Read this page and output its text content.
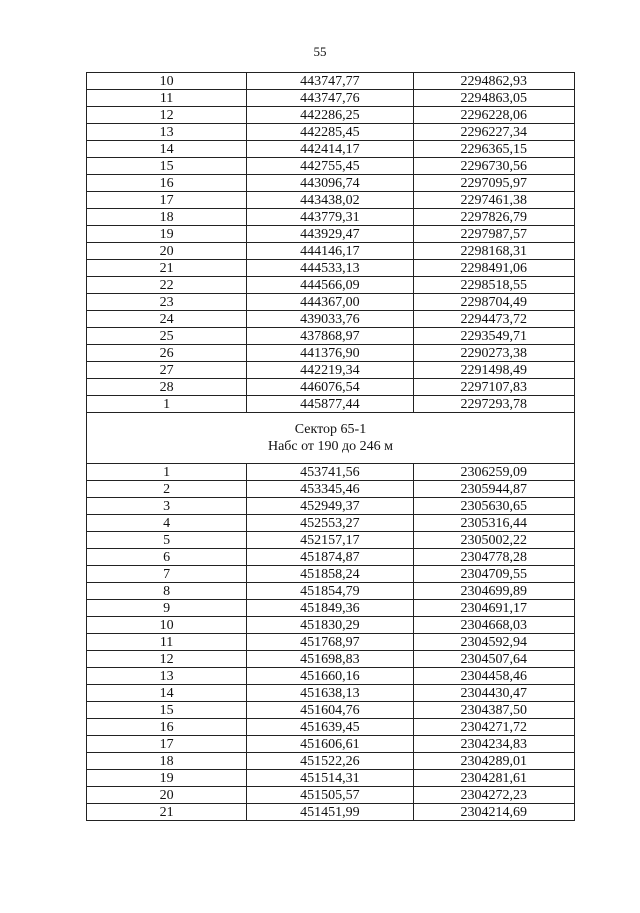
55
10	443747,77	2294862,93
11	443747,76	2294863,05
12	442286,25	2296228,06
13	442285,45	2296227,34
14	442414,17	2296365,15
15	442755,45	2296730,56
16	443096,74	2297095,97
17	443438,02	2297461,38
18	443779,31	2297826,79
19	443929,47	2297987,57
20	444146,17	2298168,31
21	444533,13	2298491,06
22	444566,09	2298518,55
23	444367,00	2298704,49
24	439033,76	2294473,72
25	437868,97	2293549,71
26	441376,90	2290273,38
27	442219,34	2291498,49
28	446076,54	2297107,83
1	445877,44	2297293,78

Сектор 65-1
Набс от 190 до 246 м		

1	453741,56	2306259,09
2	453345,46	2305944,87
3	452949,37	2305630,65
4	452553,27	2305316,44
5	452157,17	2305002,22
6	451874,87	2304778,28
7	451858,24	2304709,55
8	451854,79	2304699,89
9	451849,36	2304691,17
10	451830,29	2304668,03
11	451768,97	2304592,94
12	451698,83	2304507,64
13	451660,16	2304458,46
14	451638,13	2304430,47
15	451604,76	2304387,50
16	451639,45	2304271,72
17	451606,61	2304234,83
18	451522,26	2304289,01
19	451514,31	2304281,61
20	451505,57	2304272,23
21	451451,99	2304214,69
